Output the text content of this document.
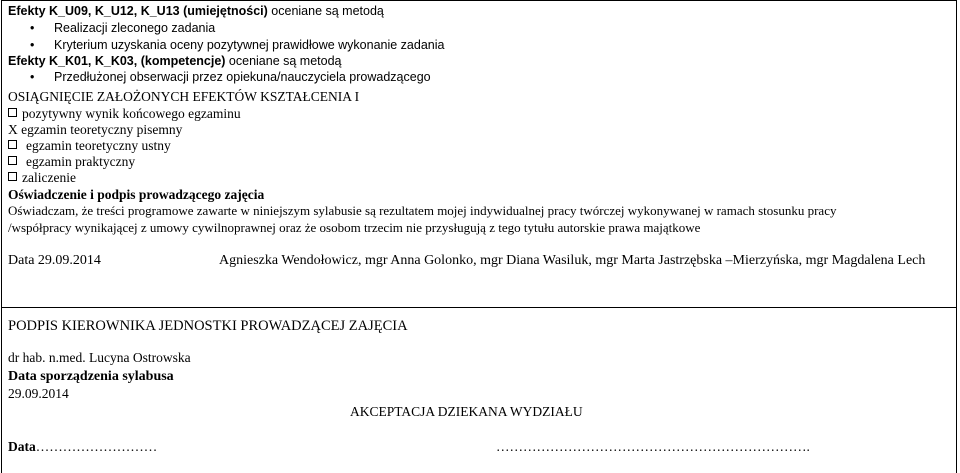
Efekty K_U09, K_U12, K_U13 (umiejętności) oceniane są metodą
• Realizacji zleconego zadania
• Kryterium uzyskania oceny pozytywnej prawidłowe wykonanie zadania
Efekty K_K01, K_K03, (kompetencje) oceniane są metodą
• Przedłużonej obserwacji przez opiekuna/nauczyciela prowadzącego
OSIĄGNIĘCIE ZAŁOŻONYCH EFEKTÓW KSZTAŁCENIA I
pozytywny wynik końcowego egzaminu
X egzamin teoretyczny pisemny
egzamin teoretyczny ustny
egzamin praktyczny
zaliczenie
Oświadczenie i podpis prowadzącego zajęcia
Oświadczam, że treści programowe zawarte w niniejszym sylabusie są rezultatem mojej indywidualnej pracy twórczej wykonywanej w ramach stosunku pracy
/współpracy wynikającej z umowy cywilnoprawnej oraz że osobom trzecim nie przysługują z tego tytułu autorskie prawa majątkowe
Data 29.09.2014	Agnieszka Wendołowicz, mgr Anna Golonko, mgr Diana Wasiluk, mgr Marta Jastrzębska –Mierzyńska, mgr Magdalena Lech
PODPIS KIEROWNIKA JEDNOSTKI PROWADZĄCEJ ZAJĘCIA
dr hab. n.med. Lucyna Ostrowska
Data sporządzenia sylabusa
29.09.2014
AKCEPTACJA DZIEKANA WYDZIAŁU
Data………………………	…………………………………………………………….
